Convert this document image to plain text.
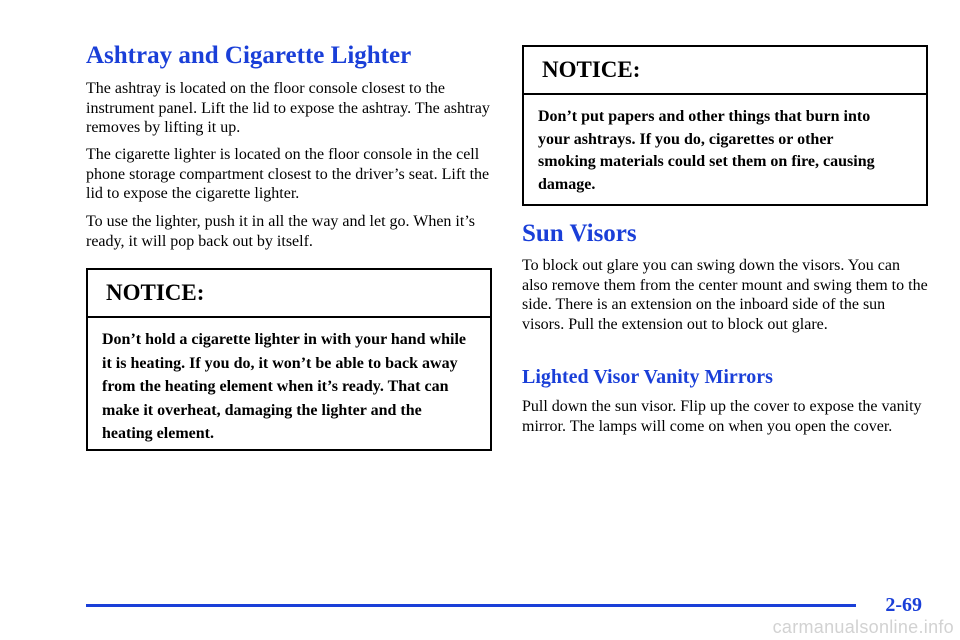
Ashtray and Cigarette Lighter

The ashtray is located on the floor console closest to the instrument panel. Lift the lid to expose the ashtray. The ashtray removes by lifting it up.

The cigarette lighter is located on the floor console in the cell phone storage compartment closest to the driver’s seat. Lift the lid to expose the cigarette lighter.

To use the lighter, push it in all the way and let go. When it’s ready, it will pop back out by itself.

NOTICE:
Don’t hold a cigarette lighter in with your hand while it is heating. If you do, it won’t be able to back away from the heating element when it’s ready. That can make it overheat, damaging the lighter and the heating element.
NOTICE:
Don’t put papers and other things that burn into your ashtrays. If you do, cigarettes or other smoking materials could set them on fire, causing damage.
Sun Visors

To block out glare you can swing down the visors. You can also remove them from the center mount and swing them to the side. There is an extension on the inboard side of the sun visors. Pull the extension out to block out glare.

Lighted Visor Vanity Mirrors

Pull down the sun visor. Flip up the cover to expose the vanity mirror. The lamps will come on when you open the cover.

2-69
carmanualsonline.info
